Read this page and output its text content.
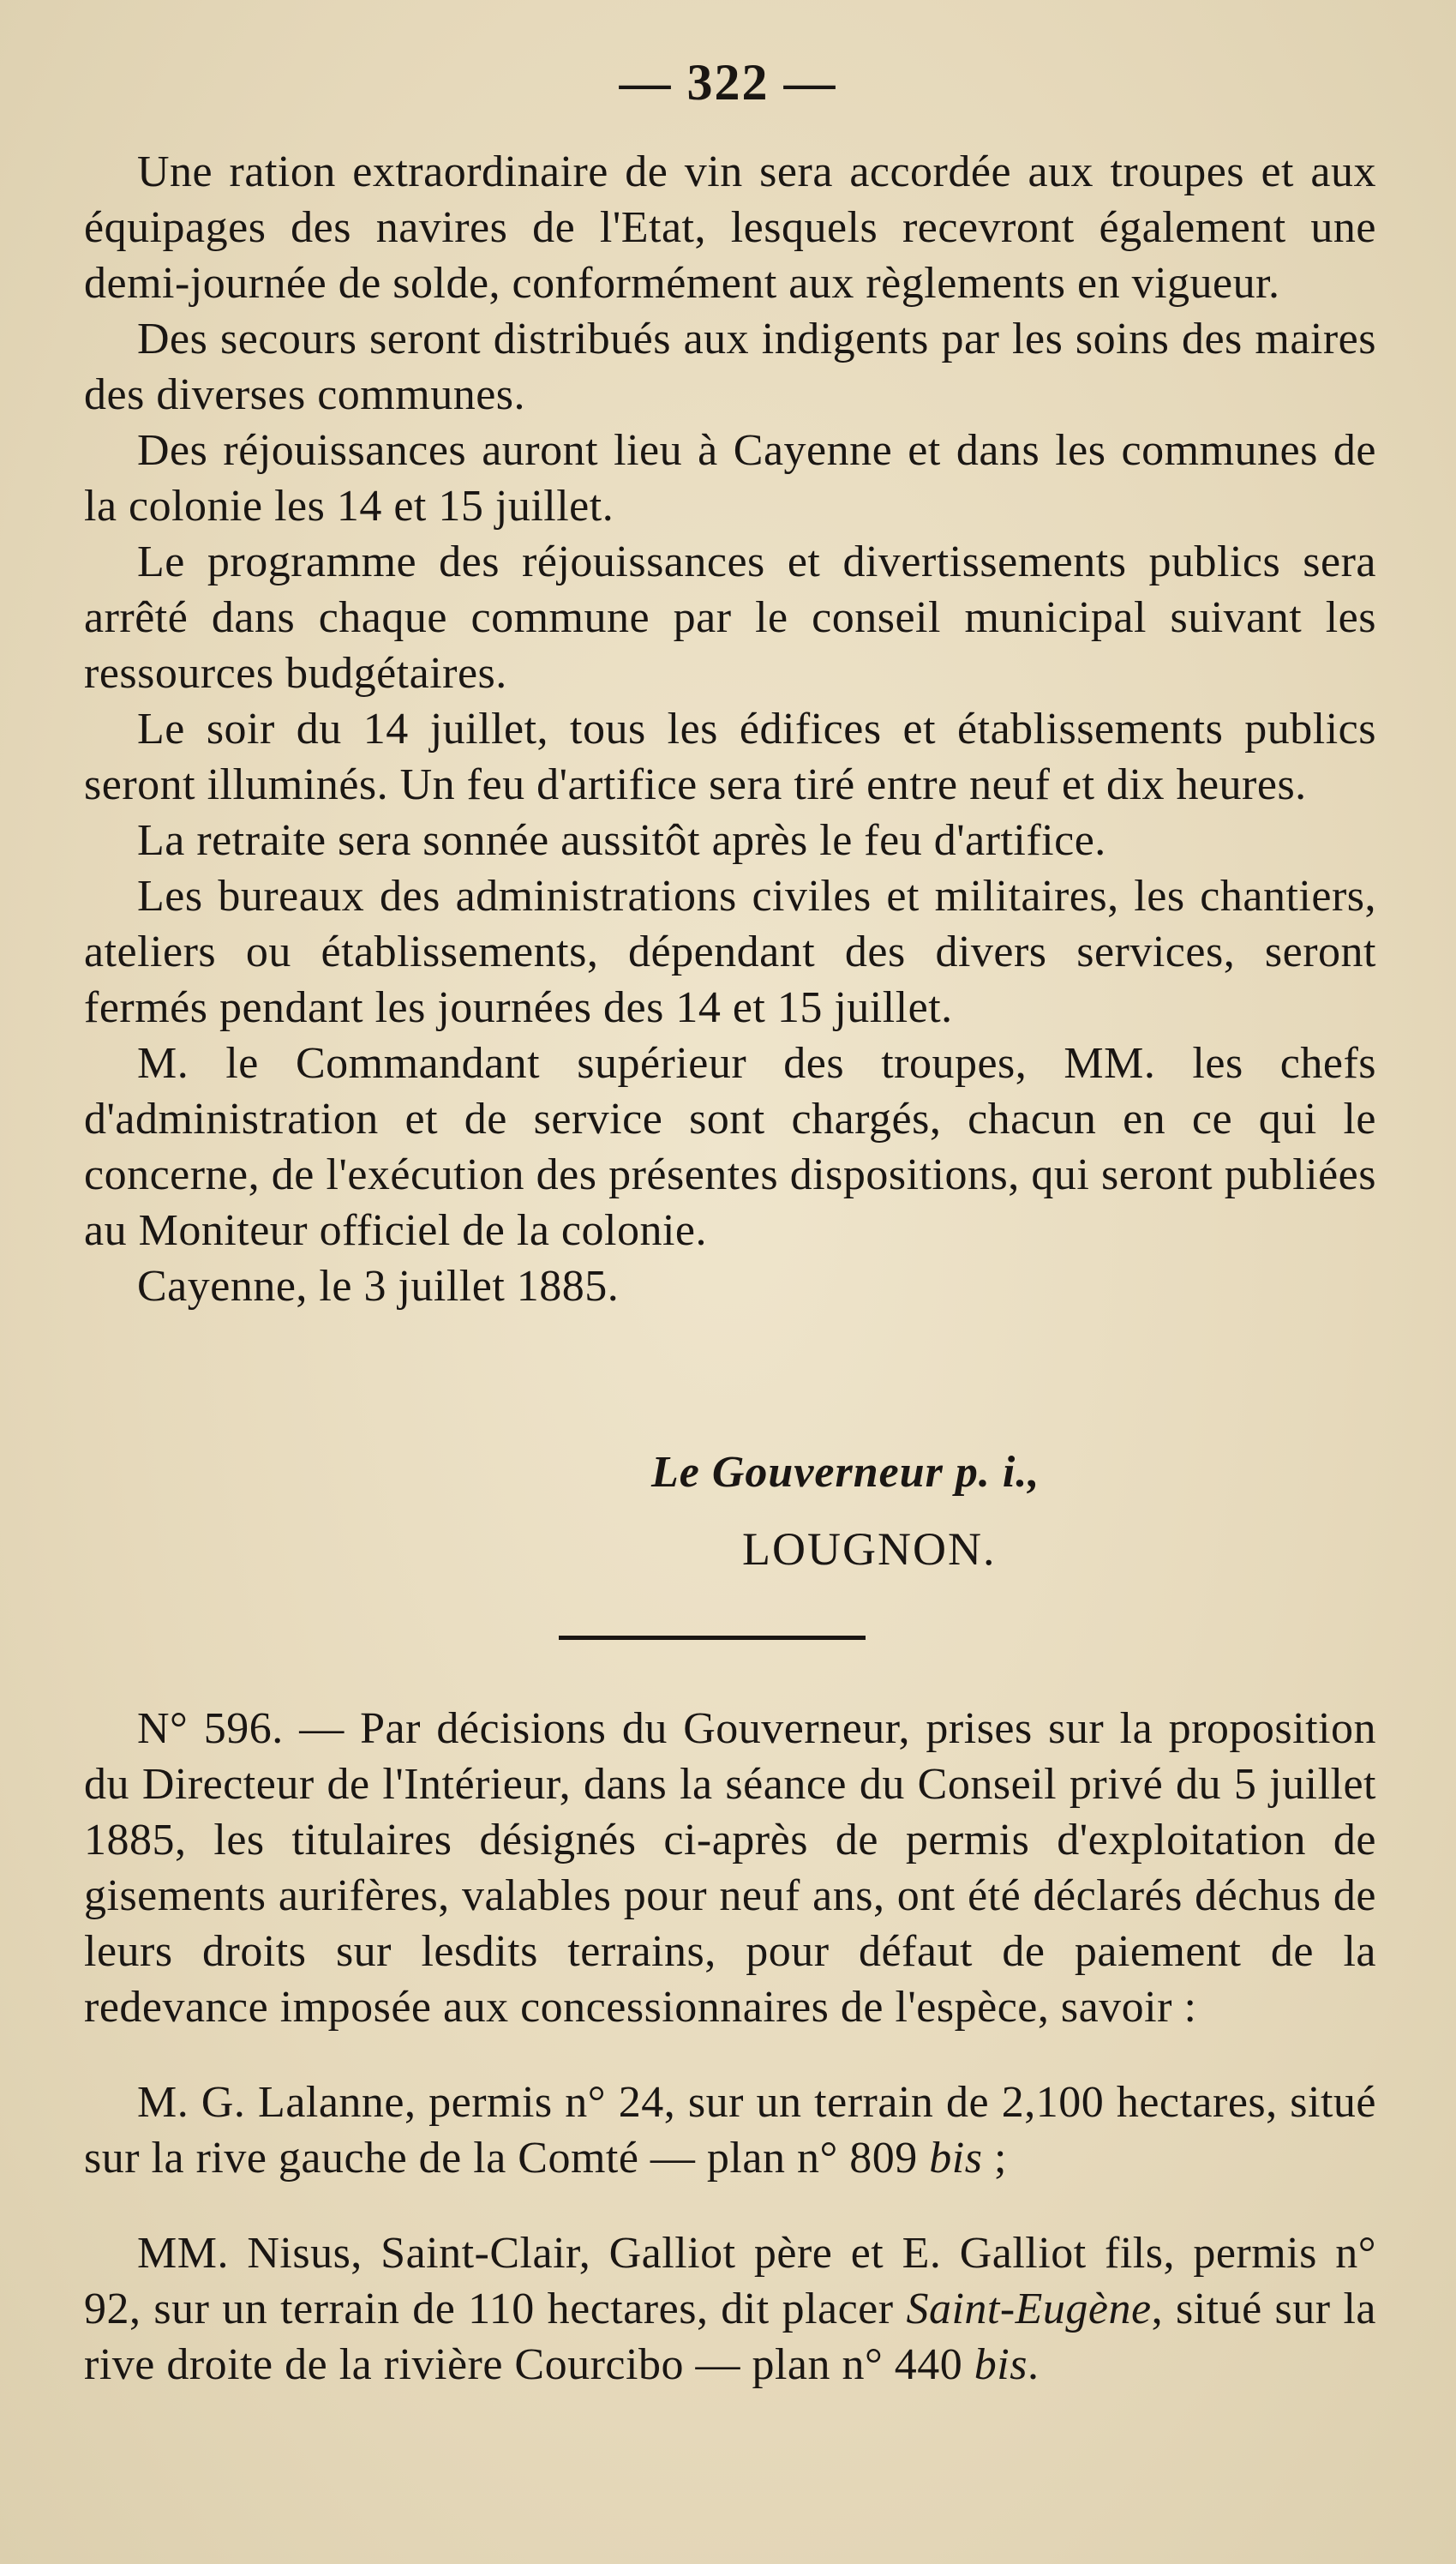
— 322 —

Une ration extraordinaire de vin sera accordée aux troupes et aux équipages des navires de l'Etat, lesquels recevront également une demi-journée de solde, conformément aux règlements en vigueur.

Des secours seront distribués aux indigents par les soins des maires des diverses communes.

Des réjouissances auront lieu à Cayenne et dans les communes de la colonie les 14 et 15 juillet.

Le programme des réjouissances et divertissements publics sera arrêté dans chaque commune par le conseil municipal suivant les ressources budgétaires.

Le soir du 14 juillet, tous les édifices et établissements publics seront illuminés. Un feu d'artifice sera tiré entre neuf et dix heures.

La retraite sera sonnée aussitôt après le feu d'artifice.

Les bureaux des administrations civiles et militaires, les chantiers, ateliers ou établissements, dépendant des divers services, seront fermés pendant les journées des 14 et 15 juillet.

M. le Commandant supérieur des troupes, MM. les chefs d'administration et de service sont chargés, chacun en ce qui le concerne, de l'exécution des présentes dispositions, qui seront publiées au Moniteur officiel de la colonie.

Cayenne, le 3 juillet 1885.

Le Gouverneur p. i.,
LOUGNON.

N° 596. — Par décisions du Gouverneur, prises sur la proposition du Directeur de l'Intérieur, dans la séance du Conseil privé du 5 juillet 1885, les titulaires désignés ci-après de permis d'exploitation de gisements aurifères, valables pour neuf ans, ont été déclarés déchus de leurs droits sur lesdits terrains, pour défaut de paiement de la redevance imposée aux concessionnaires de l'espèce, savoir :

M. G. Lalanne, permis n° 24, sur un terrain de 2,100 hectares, situé sur la rive gauche de la Comté — plan n° 809 bis ;

MM. Nisus, Saint-Clair, Galliot père et E. Galliot fils, permis n° 92, sur un terrain de 110 hectares, dit placer Saint-Eugène, situé sur la rive droite de la rivière Courcibo — plan n° 440 bis.
